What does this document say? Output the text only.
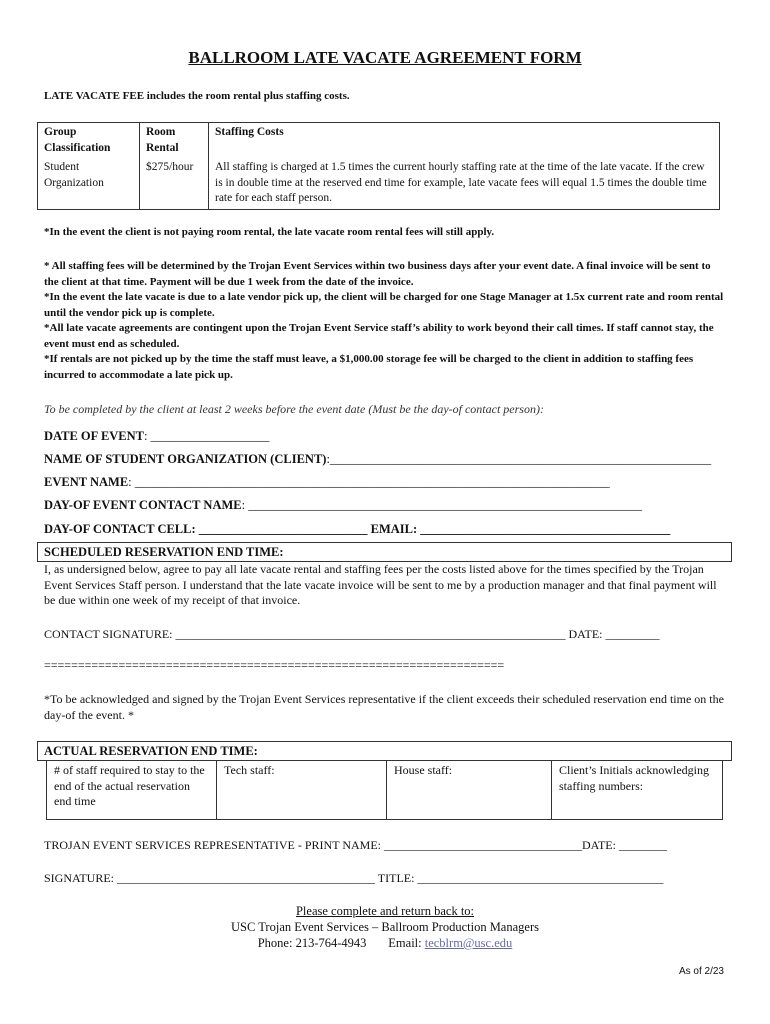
BALLROOM LATE VACATE AGREEMENT FORM
LATE VACATE FEE includes the room rental plus staffing costs.
Group Classification	Room Rental	Staffing Costs
Student Organization	$275/hour	All staffing is charged at 1.5 times the current hourly staffing rate at the time of the late vacate. If the crew is in double time at the reserved end time for example, late vacate fees will equal 1.5 times the double time rate for each staff person.
*In the event the client is not paying room rental, the late vacate room rental fees will still apply.
* All staffing fees will be determined by the Trojan Event Services within two business days after your event date. A final invoice will be sent to the client at that time. Payment will be due 1 week from the date of the invoice.
*In the event the late vacate is due to a late vendor pick up, the client will be charged for one Stage Manager at 1.5x current rate and room rental until the vendor pick up is complete.
*All late vacate agreements are contingent upon the Trojan Event Service staff’s ability to work beyond their call times. If staff cannot stay, the event must end as scheduled.
*If rentals are not picked up by the time the staff must leave, a $1,000.00 storage fee will be charged to the client in addition to staffing fees incurred to accommodate a late pick up.
To be completed by the client at least 2 weeks before the event date (Must be the day-of contact person):
DATE OF EVENT: ___________________
NAME OF STUDENT ORGANIZATION (CLIENT):_____________________________________________________________
EVENT NAME: ____________________________________________________________________________
DAY-OF EVENT CONTACT NAME: _______________________________________________________________
DAY-OF CONTACT CELL: ___________________________ EMAIL: ________________________________________
SCHEDULED RESERVATION END TIME:
I, as undersigned below, agree to pay all late vacate rental and staffing fees per the costs listed above for the times specified by the Trojan Event Services Staff person. I understand that the late vacate invoice will be sent to me by a production manager and that final payment will be due within one week of my receipt of that invoice.
CONTACT SIGNATURE: _________________________________________________________________ DATE: _________
====================================================================
*To be acknowledged and signed by the Trojan Event Services representative if the client exceeds their scheduled reservation end time on the day-of the event. *
ACTUAL RESERVATION END TIME:
# of staff required to stay to the end of the actual reservation end time	Tech staff:	House staff:	Client’s Initials acknowledging staffing numbers:
TROJAN EVENT SERVICES REPRESENTATIVE - PRINT NAME: _________________________________DATE: ________
SIGNATURE: ___________________________________________ TITLE: _________________________________________
Please complete and return back to:
USC Trojan Event Services – Ballroom Production Managers
Phone: 213-764-4943 Email: tecblrm@usc.edu
As of 2/23
